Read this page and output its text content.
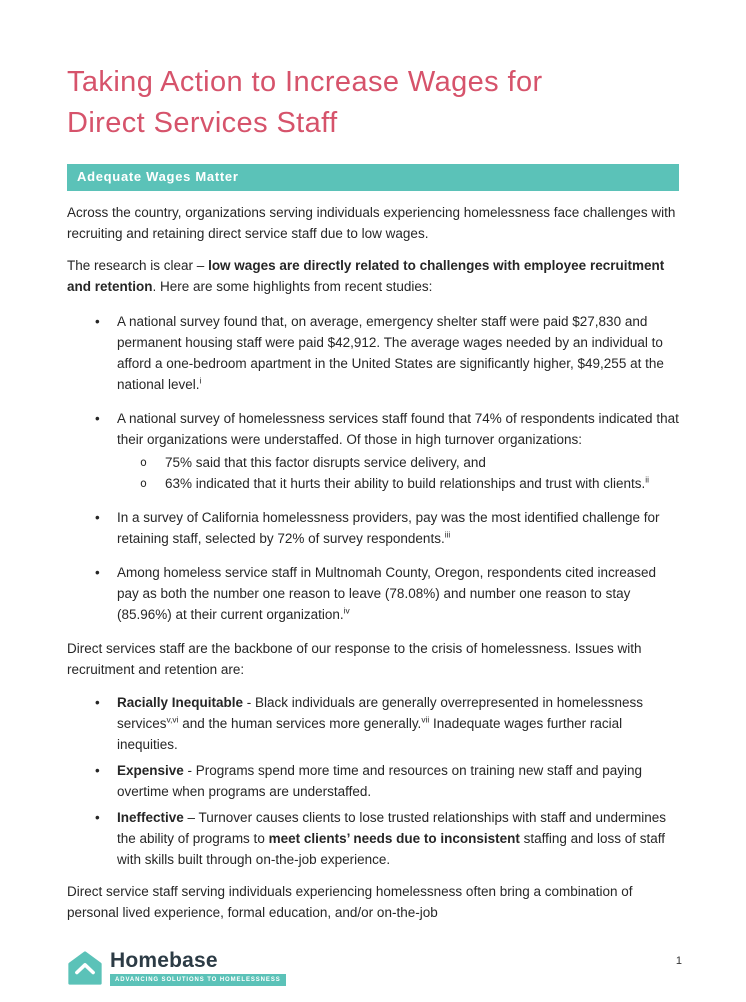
Taking Action to Increase Wages for
Direct Services Staff
Adequate Wages Matter

Across the country, organizations serving individuals experiencing homelessness face challenges with recruiting and retaining direct service staff due to low wages.

The research is clear – low wages are directly related to challenges with employee recruitment and retention. Here are some highlights from recent studies:

• A national survey found that, on average, emergency shelter staff were paid $27,830 and permanent housing staff were paid $42,912. The average wages needed by an individual to afford a one-bedroom apartment in the United States are significantly higher, $49,255 at the national level.$^i$
• A national survey of homelessness services staff found that 74% of respondents indicated that their organizations were understaffed. Of those in high turnover organizations:
o 75% said that this factor disrupts service delivery, and
o 63% indicated that it hurts their ability to build relationships and trust with clients.$^{ii}$
• In a survey of California homelessness providers, pay was the most identified challenge for retaining staff, selected by 72% of survey respondents.$^{iii}$
• Among homeless service staff in Multnomah County, Oregon, respondents cited increased pay as both the number one reason to leave (78.08%) and number one reason to stay (85.96%) at their current organization.$^{iv}$

Direct services staff are the backbone of our response to the crisis of homelessness. Issues with recruitment and retention are:

• Racially Inequitable - Black individuals are generally overrepresented in homelessness services$^{v,vi}$ and the human services more generally.$^{vii}$ Inadequate wages further racial inequities.
• Expensive - Programs spend more time and resources on training new staff and paying overtime when programs are understaffed.
• Ineffective – Turnover causes clients to lose trusted relationships with staff and undermines the ability of programs to meet clients’ needs due to inconsistent staffing and loss of staff with skills built through on-the-job experience.

Direct service staff serving individuals experiencing homelessness often bring a combination of personal lived experience, formal education, and/or on-the-job

Homebase
ADVANCING SOLUTIONS TO HOMELESSNESS
1
